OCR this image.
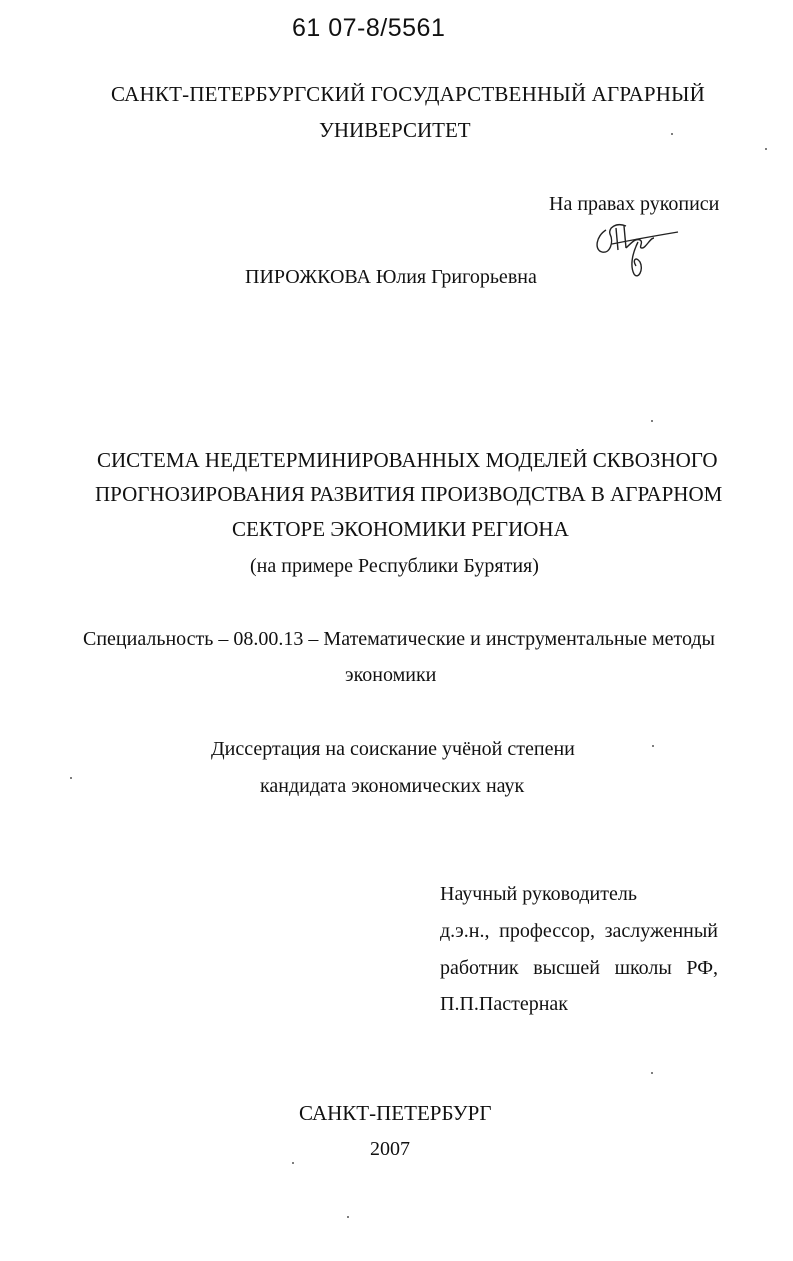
61 07-8/5561
САНКТ-ПЕТЕРБУРГСКИЙ ГОСУДАРСТВЕННЫЙ АГРАРНЫЙ
УНИВЕРСИТЕТ
На правах рукописи
ПИРОЖКОВА Юлия Григорьевна
СИСТЕМА НЕДЕТЕРМИНИРОВАННЫХ МОДЕЛЕЙ СКВОЗНОГО
ПРОГНОЗИРОВАНИЯ РАЗВИТИЯ ПРОИЗВОДСТВА В АГРАРНОМ
СЕКТОРЕ ЭКОНОМИКИ РЕГИОНА
(на примере Республики Бурятия)
Специальность – 08.00.13 – Математические и инструментальные методы
экономики
Диссертация на соискание учёной степени
кандидата экономических наук
Научный руководитель
д.э.н., профессор, заслуженный
работник высшей школы РФ,
П.П.Пастернак
САНКТ-ПЕТЕРБУРГ
2007
